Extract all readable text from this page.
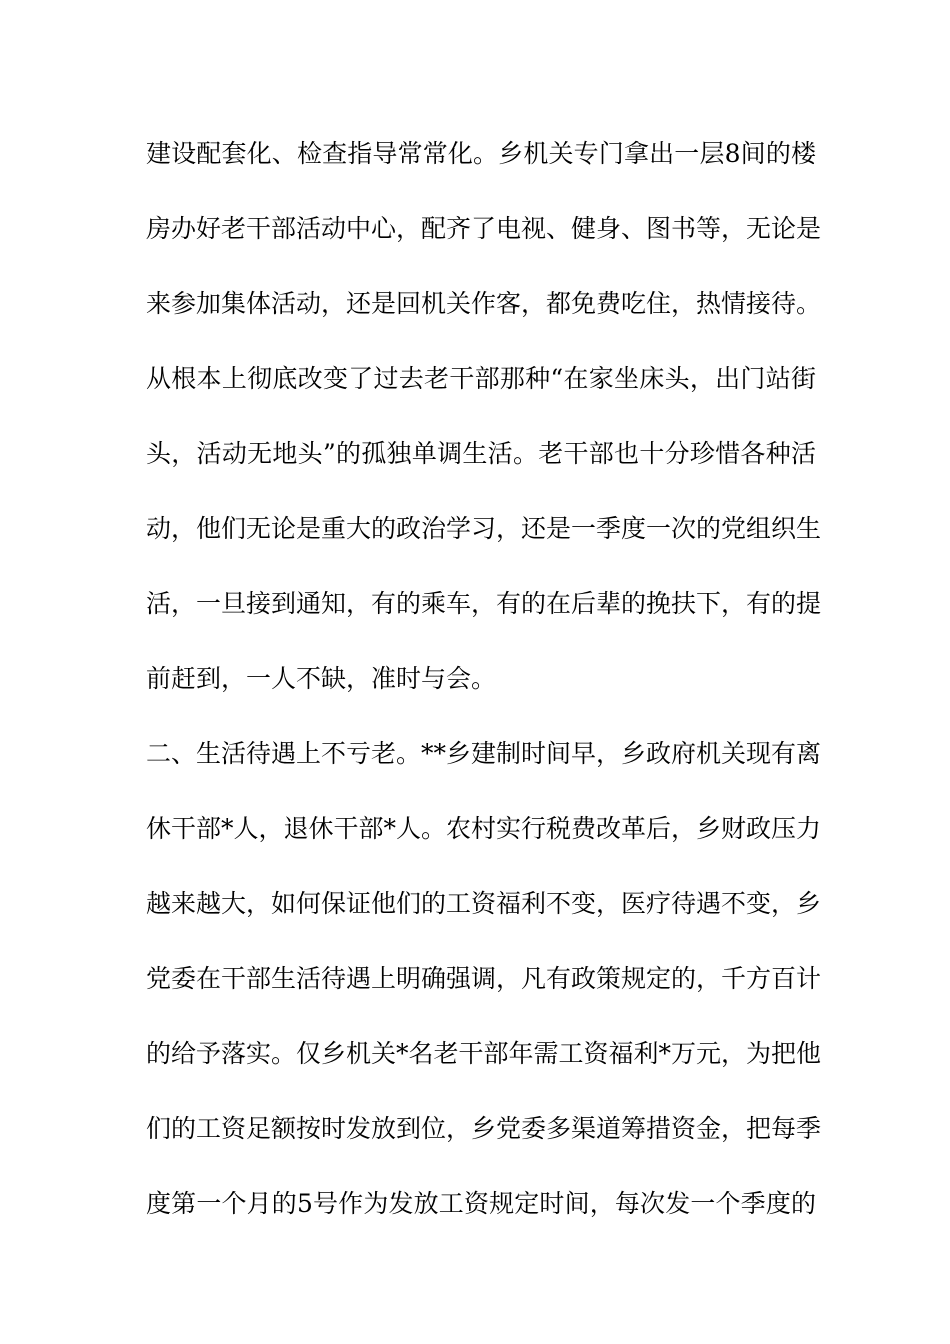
建设配套化、检查指导常常化。乡机关专门拿出一层8间的楼
房办好老干部活动中心，配齐了电视、健身、图书等，无论是
来参加集体活动，还是回机关作客，都免费吃住，热情接待。
从根本上彻底改变了过去老干部那种“在家坐床头，出门站街
头，活动无地头”的孤独单调生活。老干部也十分珍惜各种活
动，他们无论是重大的政治学习，还是一季度一次的党组织生
活，一旦接到通知，有的乘车，有的在后辈的挽扶下，有的提
前赶到，一人不缺，准时与会。
二、生活待遇上不亏老。**乡建制时间早，乡政府机关现有离
休干部*人，退休干部*人。农村实行税费改革后，乡财政压力
越来越大，如何保证他们的工资福利不变，医疗待遇不变，乡
党委在干部生活待遇上明确强调，凡有政策规定的，千方百计
的给予落实。仅乡机关*名老干部年需工资福利*万元，为把他
们的工资足额按时发放到位，乡党委多渠道筹措资金，把每季
度第一个月的5号作为发放工资规定时间，每次发一个季度的
